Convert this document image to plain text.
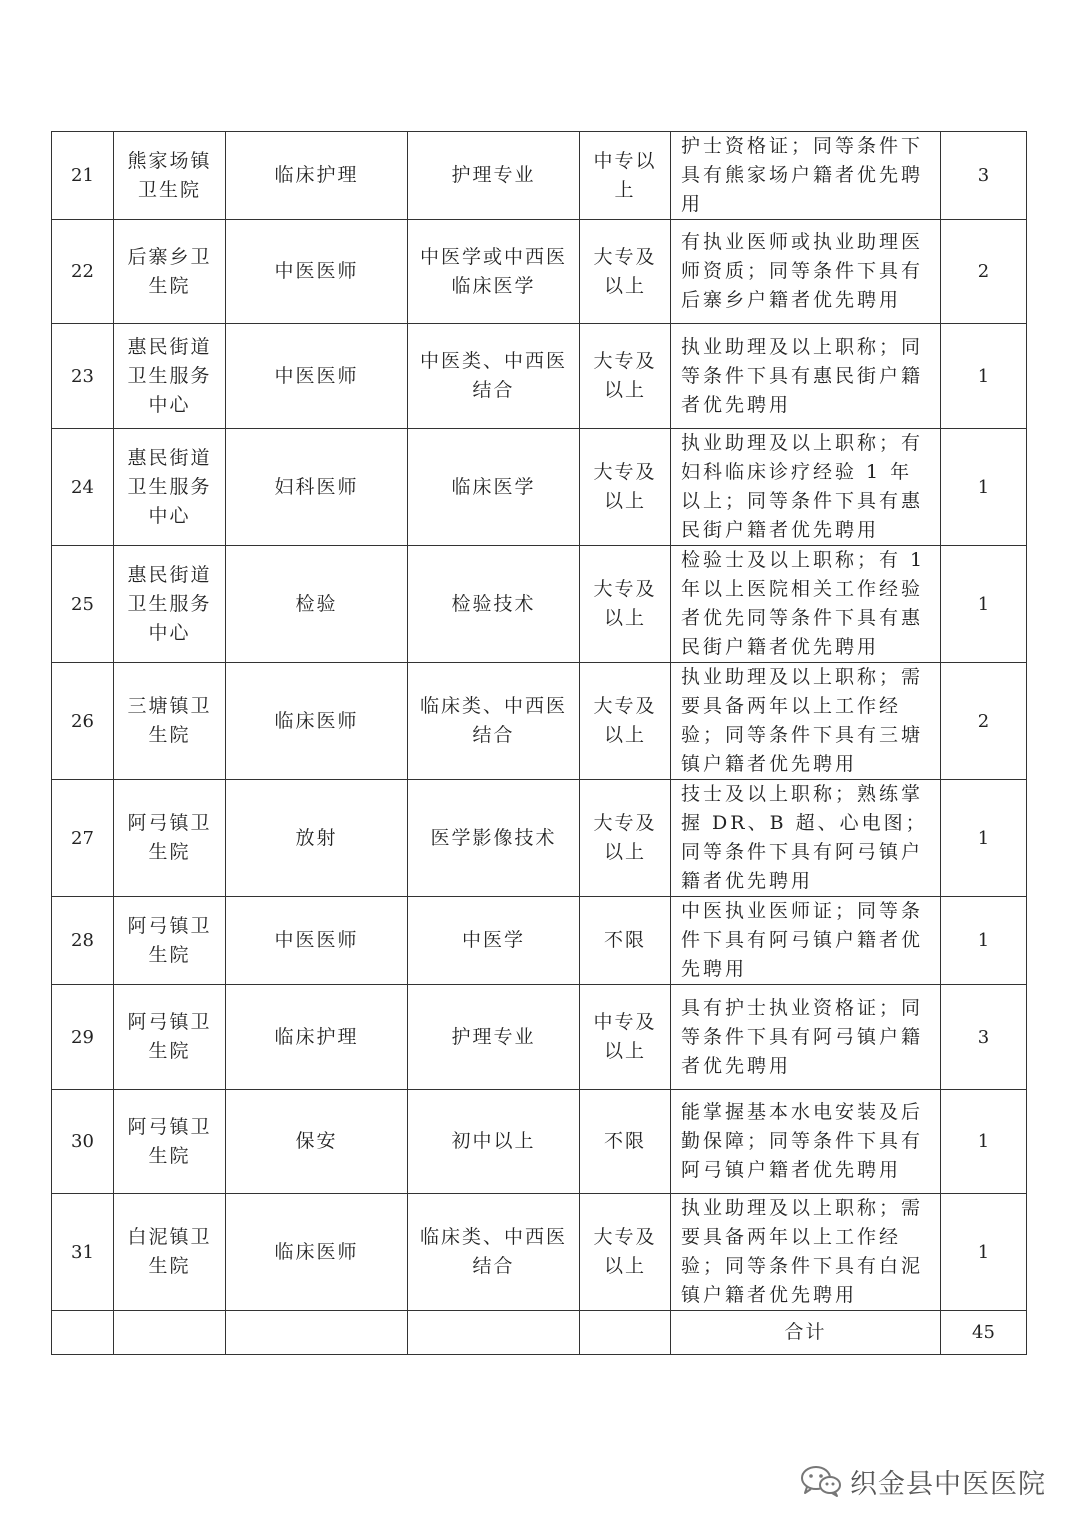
21	熊家场镇卫生院	临床护理	护理专业	中专以上	护士资格证；同等条件下具有熊家场户籍者优先聘用	3
22	后寨乡卫生院	中医医师	中医学或中西医临床医学	大专及以上	有执业医师或执业助理医师资质；同等条件下具有后寨乡户籍者优先聘用	2
23	惠民街道卫生服务中心	中医医师	中医类、中西医结合	大专及以上	执业助理及以上职称；同等条件下具有惠民街户籍者优先聘用	1
24	惠民街道卫生服务中心	妇科医师	临床医学	大专及以上	执业助理及以上职称；有妇科临床诊疗经验 1 年以上；同等条件下具有惠民街户籍者优先聘用	1
25	惠民街道卫生服务中心	检验	检验技术	大专及以上	检验士及以上职称；有 1 年以上医院相关工作经验者优先同等条件下具有惠民街户籍者优先聘用	1
26	三塘镇卫生院	临床医师	临床类、中西医结合	大专及以上	执业助理及以上职称；需要具备两年以上工作经验；同等条件下具有三塘镇户籍者优先聘用	2
27	阿弓镇卫生院	放射	医学影像技术	大专及以上	技士及以上职称；熟练掌握 DR、B 超、心电图；同等条件下具有阿弓镇户籍者优先聘用	1
28	阿弓镇卫生院	中医医师	中医学	不限	中医执业医师证；同等条件下具有阿弓镇户籍者优先聘用	1
29	阿弓镇卫生院	临床护理	护理专业	中专及以上	具有护士执业资格证；同等条件下具有阿弓镇户籍者优先聘用	3
30	阿弓镇卫生院	保安	初中以上	不限	能掌握基本水电安装及后勤保障；同等条件下具有阿弓镇户籍者优先聘用	1
31	白泥镇卫生院	临床医师	临床类、中西医结合	大专及以上	执业助理及以上职称；需要具备两年以上工作经验；同等条件下具有白泥镇户籍者优先聘用	1
					合计	45
织金县中医医院
